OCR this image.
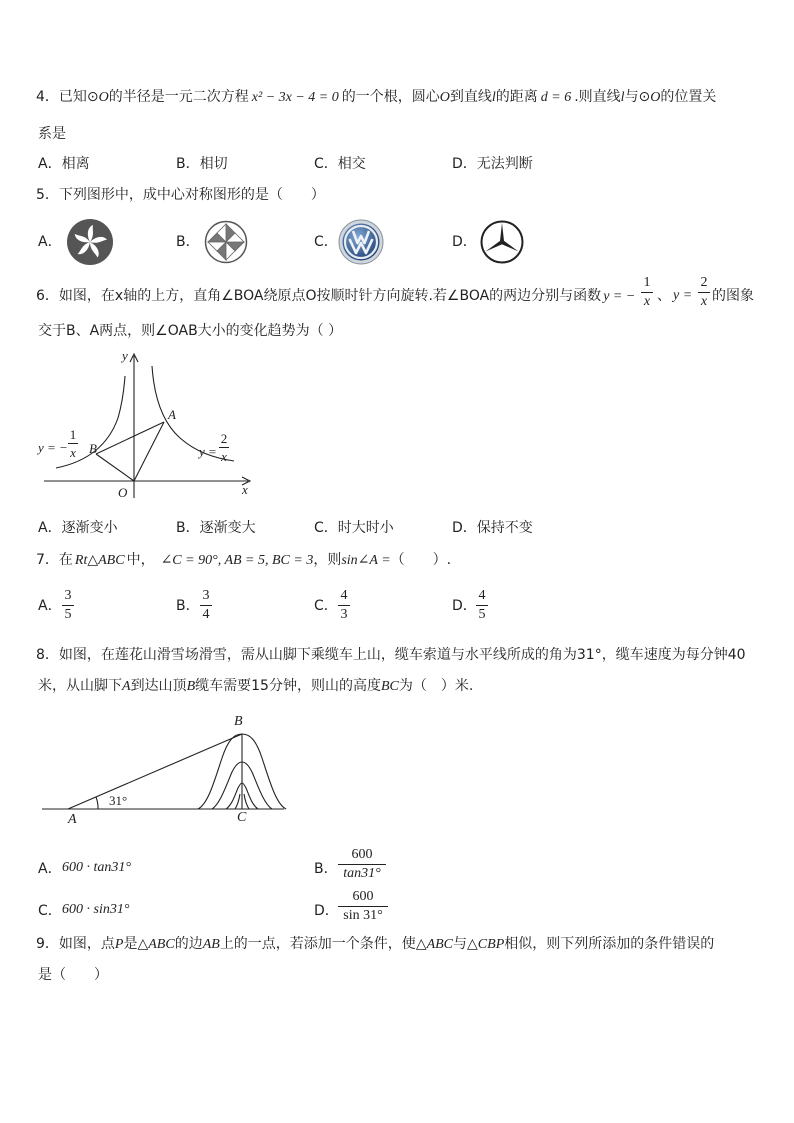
4．已知⊙O的半径是一元二次方程 x² − 3x − 4 = 0 的一个根，圆心O到直线l的距离 d = 6 .则直线l与⊙O的位置关
系是
A．相离	B．相切	C．相交	D．无法判断
5．下列图形中，成中心对称图形的是（　　）
A．	B．	C．	D．
6．如图，在x轴的上方，直角∠BOA绕原点O按顺时针方向旋转.若∠BOA的两边分别与函数 y = − $\frac{1}{x}$ 、 $y = \frac{2}{x}$ 的图象
交于B、A两点，则∠OAB大小的变化趋势为（ ）
y
x
O
A
B
y = − $\frac{1}{x}$	$y = \frac{2}{x}$
A．逐渐变小	B．逐渐变大	C．时大时小	D．保持不变
7．在 Rt△ABC 中， ∠C = 90°, AB = 5, BC = 3，则sin∠A =（　　）.
A． $\frac{3}{5}$	B． $\frac{3}{4}$	C． $\frac{4}{3}$	D． $\frac{4}{5}$
8．如图，在莲花山滑雪场滑雪，需从山脚下乘缆车上山，缆车索道与水平线所成的角为31°，缆车速度为每分钟40
米，从山脚下A到达山顶B缆车需要15分钟，则山的高度BC为（　）米.
B
A	C
31°
A． 600 · tan31°	B． $\frac{600}{\tan 31^\circ}$
C． 600 · sin31°	D． $\frac{600}{\sin 31^\circ}$
9．如图，点P是△ABC的边AB上的一点，若添加一个条件，使△ABC与△CBP相似，则下列所添加的条件错误的
是（　　）
